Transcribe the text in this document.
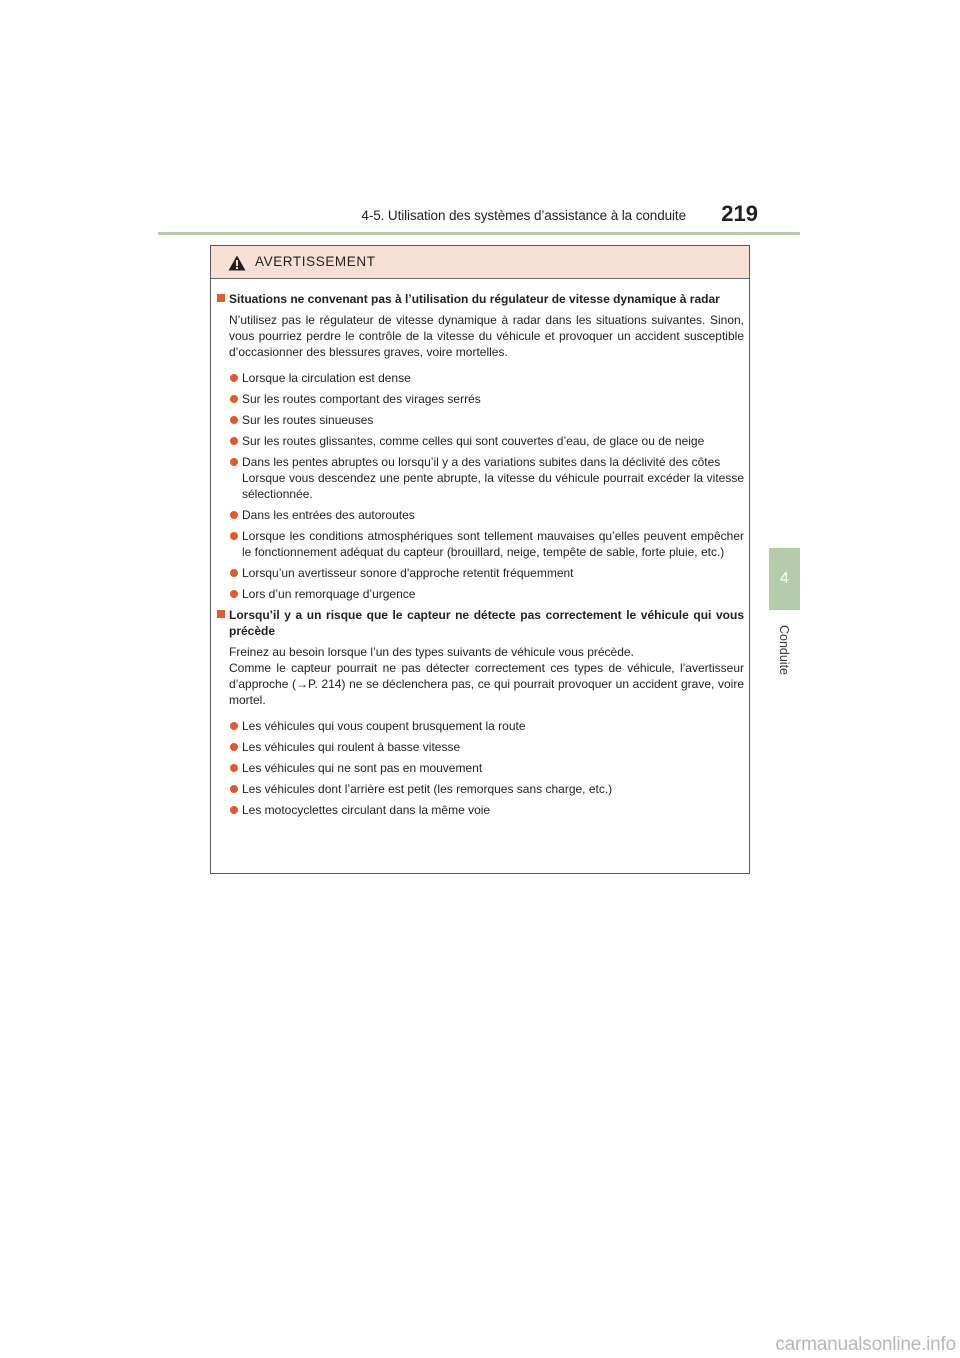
4-5. Utilisation des systèmes d’assistance à la conduite 219
4
Conduite
AVERTISSEMENT
Situations ne convenant pas à l’utilisation du régulateur de vitesse dynamique à radar
N’utilisez pas le régulateur de vitesse dynamique à radar dans les situations suivantes. Sinon, vous pourriez perdre le contrôle de la vitesse du véhicule et provoquer un accident susceptible d’occasionner des blessures graves, voire mortelles.
Lorsque la circulation est dense
Sur les routes comportant des virages serrés
Sur les routes sinueuses
Sur les routes glissantes, comme celles qui sont couvertes d’eau, de glace ou de neige
Dans les pentes abruptes ou lorsqu’il y a des variations subites dans la déclivité des côtes
Lorsque vous descendez une pente abrupte, la vitesse du véhicule pourrait excéder la vitesse sélectionnée.
Dans les entrées des autoroutes
Lorsque les conditions atmosphériques sont tellement mauvaises qu’elles peuvent empêcher le fonctionnement adéquat du capteur (brouillard, neige, tempête de sable, forte pluie, etc.)
Lorsqu’un avertisseur sonore d’approche retentit fréquemment
Lors d’un remorquage d’urgence
Lorsqu’il y a un risque que le capteur ne détecte pas correctement le véhicule qui vous précède
Freinez au besoin lorsque l’un des types suivants de véhicule vous précède.
Comme le capteur pourrait ne pas détecter correctement ces types de véhicule, l’avertisseur d’approche (→P. 214) ne se déclenchera pas, ce qui pourrait provoquer un accident grave, voire mortel.
Les véhicules qui vous coupent brusquement la route
Les véhicules qui roulent à basse vitesse
Les véhicules qui ne sont pas en mouvement
Les véhicules dont l’arrière est petit (les remorques sans charge, etc.)
Les motocyclettes circulant dans la même voie
carmanualsonline.info
